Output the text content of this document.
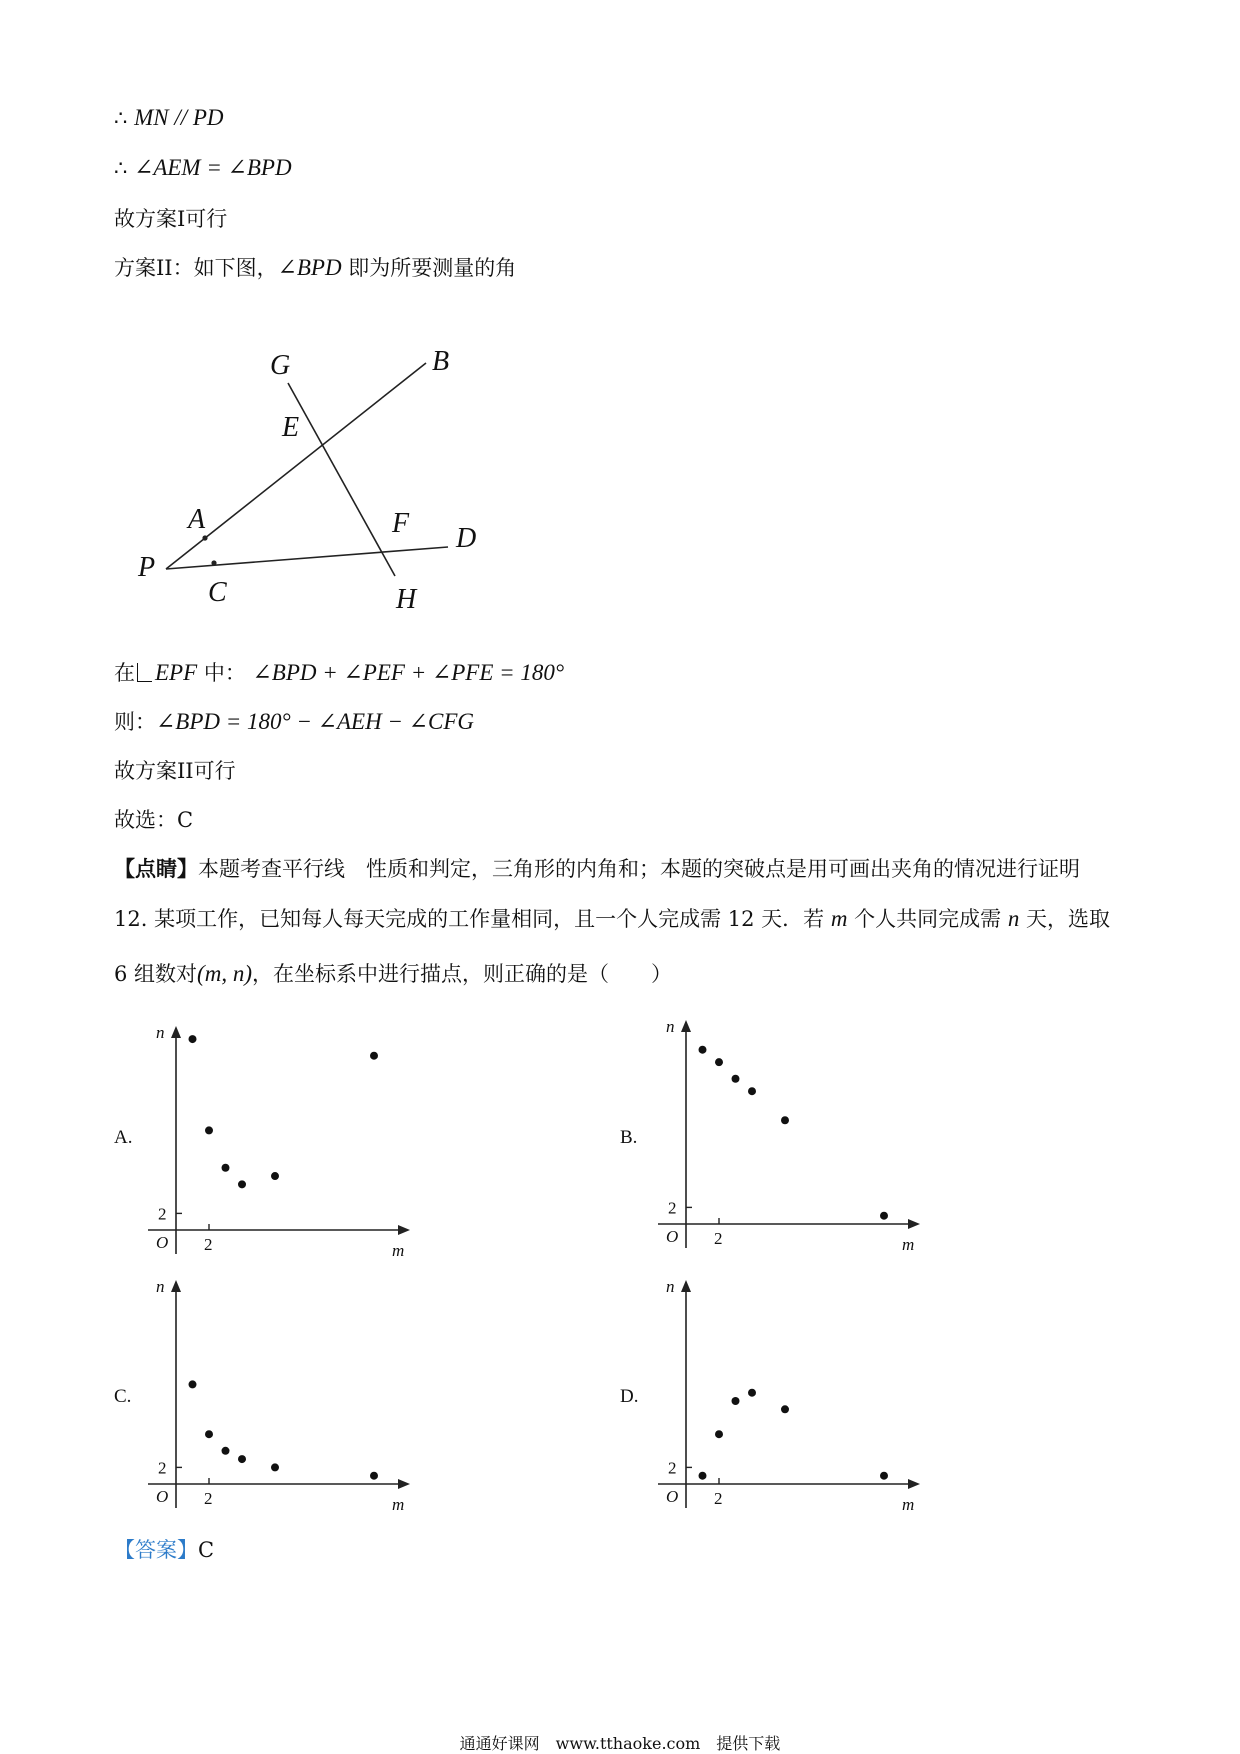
∴ MN // PD
∴ ∠AEM = ∠BPD
故方案I可行
方案II：如下图，∠BPD 即为所要测量的角
G	B
E
A	F D
P
C	H
在 EPF 中： ∠BPD + ∠PEF + ∠PFE = 180°
则：∠BPD = 180° − ∠AEH − ∠CFG
故方案II可行
故选：C
【点睛】本题考查平行线　性质和判定，三角形的内角和；本题的突破点是用可画出夹角的情况进行证明
12. 某项工作，已知每人每天完成的工作量相同，且一个人完成需 12 天．若 m 个人共同完成需 n 天，选取
6 组数对(m, n)，在坐标系中进行描点，则正确的是（　　）
A.	B.
C.	D.
O 2
2
n
m
O 2
2
n
m
O 2
2
n
m	O 2
2
n
m
【答案】C
通通好课网　www.tthaoke.com　提供下载
